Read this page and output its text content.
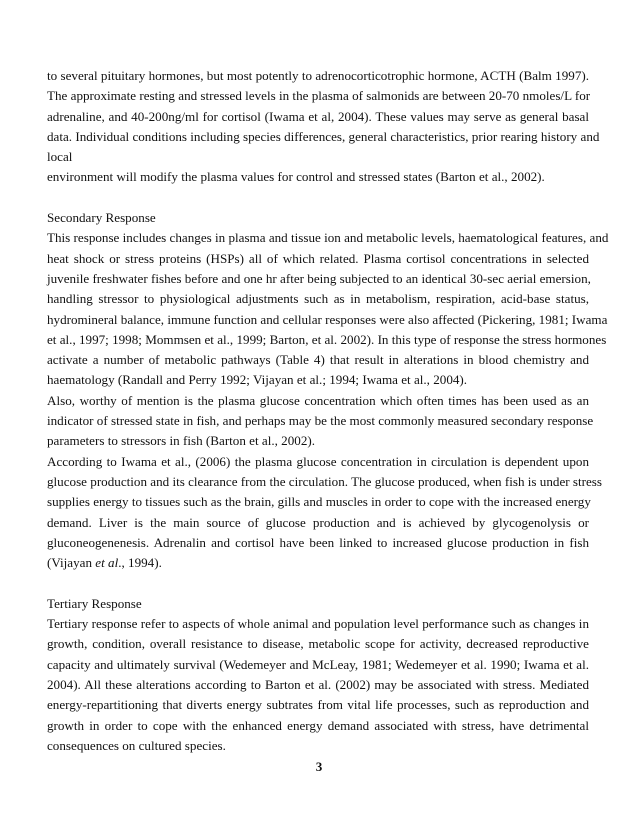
to several pituitary hormones, but most potently to adrenocorticotrophic hormone, ACTH (Balm 1997).
The approximate resting and stressed levels in the plasma of salmonids are between 20-70 nmoles/L for
adrenaline, and 40-200ng/ml for cortisol (Iwama et al, 2004). These values may serve as general basal
data. Individual conditions including species differences, general characteristics, prior rearing history and
local
environment will modify the plasma values for control and stressed states (Barton et al., 2002).
Secondary Response
This response includes changes in plasma and tissue ion and metabolic levels, haematological features, and
heat shock or stress proteins (HSPs) all of which related. Plasma cortisol concentrations in selected
juvenile freshwater fishes before and one hr after being subjected to an identical 30-sec aerial emersion,
handling stressor to physiological adjustments such as in metabolism, respiration, acid-base status,
hydromineral balance, immune function and cellular responses were also affected (Pickering, 1981; Iwama
et al., 1997; 1998; Mommsen et al., 1999; Barton, et al. 2002). In this type of response the stress hormones
activate a number of metabolic pathways (Table 4) that result in alterations in blood chemistry and
haematology (Randall and Perry 1992; Vijayan et al.; 1994; Iwama et al., 2004).
Also, worthy of mention is the plasma glucose concentration which often times has been used as an
indicator of stressed state in fish, and perhaps may be the most commonly measured secondary response
parameters to stressors in fish (Barton et al., 2002).
According to Iwama et al., (2006) the plasma glucose concentration in circulation is dependent upon
glucose production and its clearance from the circulation. The glucose produced, when fish is under stress
supplies energy to tissues such as the brain, gills and muscles in order to cope with the increased energy
demand. Liver is the main source of glucose production and is achieved by glycogenolysis or
gluconeogenenesis. Adrenalin and cortisol have been linked to increased glucose production in fish
(Vijayan et al., 1994).
Tertiary Response
Tertiary response refer to aspects of whole animal and population level performance such as changes in
growth, condition, overall resistance to disease, metabolic scope for activity, decreased reproductive
capacity and ultimately survival (Wedemeyer and McLeay, 1981; Wedemeyer et al. 1990; Iwama et al.
2004). All these alterations according to Barton et al. (2002) may be associated with stress. Mediated
energy-repartitioning that diverts energy subtrates from vital life processes, such as reproduction and
growth in order to cope with the enhanced energy demand associated with stress, have detrimental
consequences on cultured species.
3
